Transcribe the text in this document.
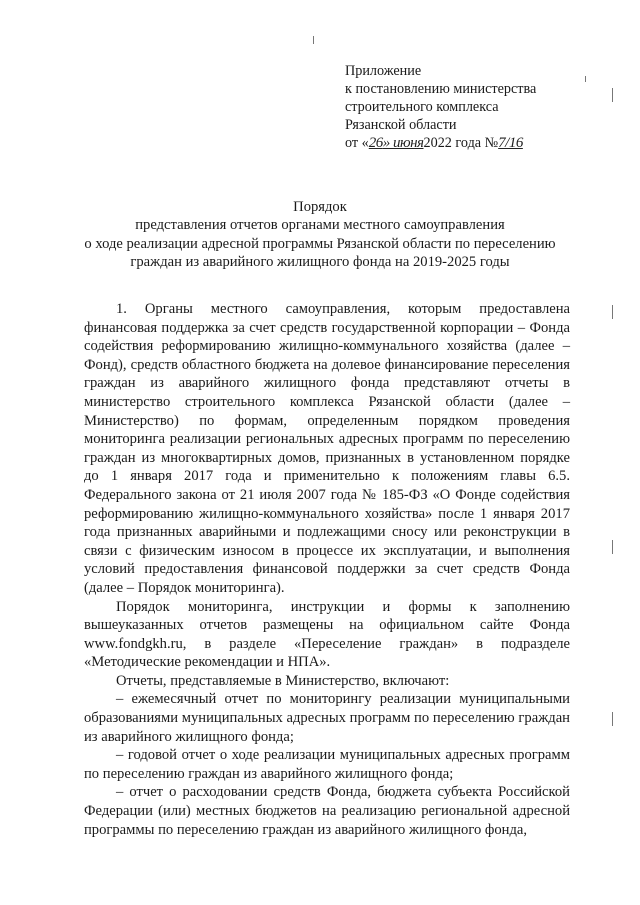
Приложение
к постановлению министерства
строительного комплекса
Рязанской области
от «26» июня2022 года №7/16
Порядок
представления отчетов органами местного самоуправления
о ходе реализации адресной программы Рязанской области по переселению
граждан из аварийного жилищного фонда на 2019-2025 годы

1. Органы местного самоуправления, которым предоставлена финансовая поддержка за счет средств государственной корпорации – Фонда содействия реформированию жилищно-коммунального хозяйства (далее – Фонд), средств областного бюджета на долевое финансирование переселения граждан из аварийного жилищного фонда представляют отчеты в министерство строительного комплекса Рязанской области (далее – Министерство) по формам, определенным порядком проведения мониторинга реализации региональных адресных программ по переселению граждан из многоквартирных домов, признанных в установленном порядке до 1 января 2017 года и применительно к положениям главы 6.5. Федерального закона от 21 июля 2007 года № 185-ФЗ «О Фонде содействия реформированию жилищно-коммунального хозяйства» после 1 января 2017 года признанных аварийными и подлежащими сносу или реконструкции в связи с физическим износом в процессе их эксплуатации, и выполнения условий предоставления финансовой поддержки за счет средств Фонда (далее – Порядок мониторинга).

Порядок мониторинга, инструкции и формы к заполнению вышеуказанных отчетов размещены на официальном сайте Фонда www.fondgkh.ru, в разделе «Переселение граждан» в подразделе «Методические рекомендации и НПА».

Отчеты, представляемые в Министерство, включают:

– ежемесячный отчет по мониторингу реализации муниципальными образованиями муниципальных адресных программ по переселению граждан из аварийного жилищного фонда;

– годовой отчет о ходе реализации муниципальных адресных программ по переселению граждан из аварийного жилищного фонда;

– отчет о расходовании средств Фонда, бюджета субъекта Российской Федерации (или) местных бюджетов на реализацию региональной адресной программы по переселению граждан из аварийного жилищного фонда,
